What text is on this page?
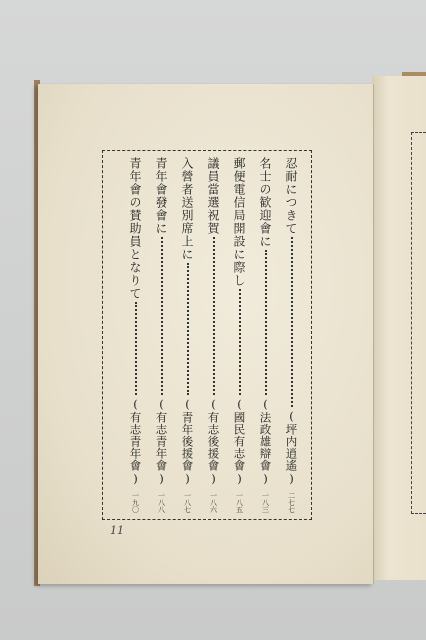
忍耐につきて
(坪内逍遙)
二七七
名士の歓迎會に
(法政雄辯會)
一八三
郵便電信局開設に際し
(國民有志會)
一八五
議員當選祝賀
(有志後援會)
一八六
入營者送別席上に
(青年後援會)
一八七
青年會發會に
(有志青年會)
一八八
青年會の賛助員となりて
(有志青年會)
一九〇
11
